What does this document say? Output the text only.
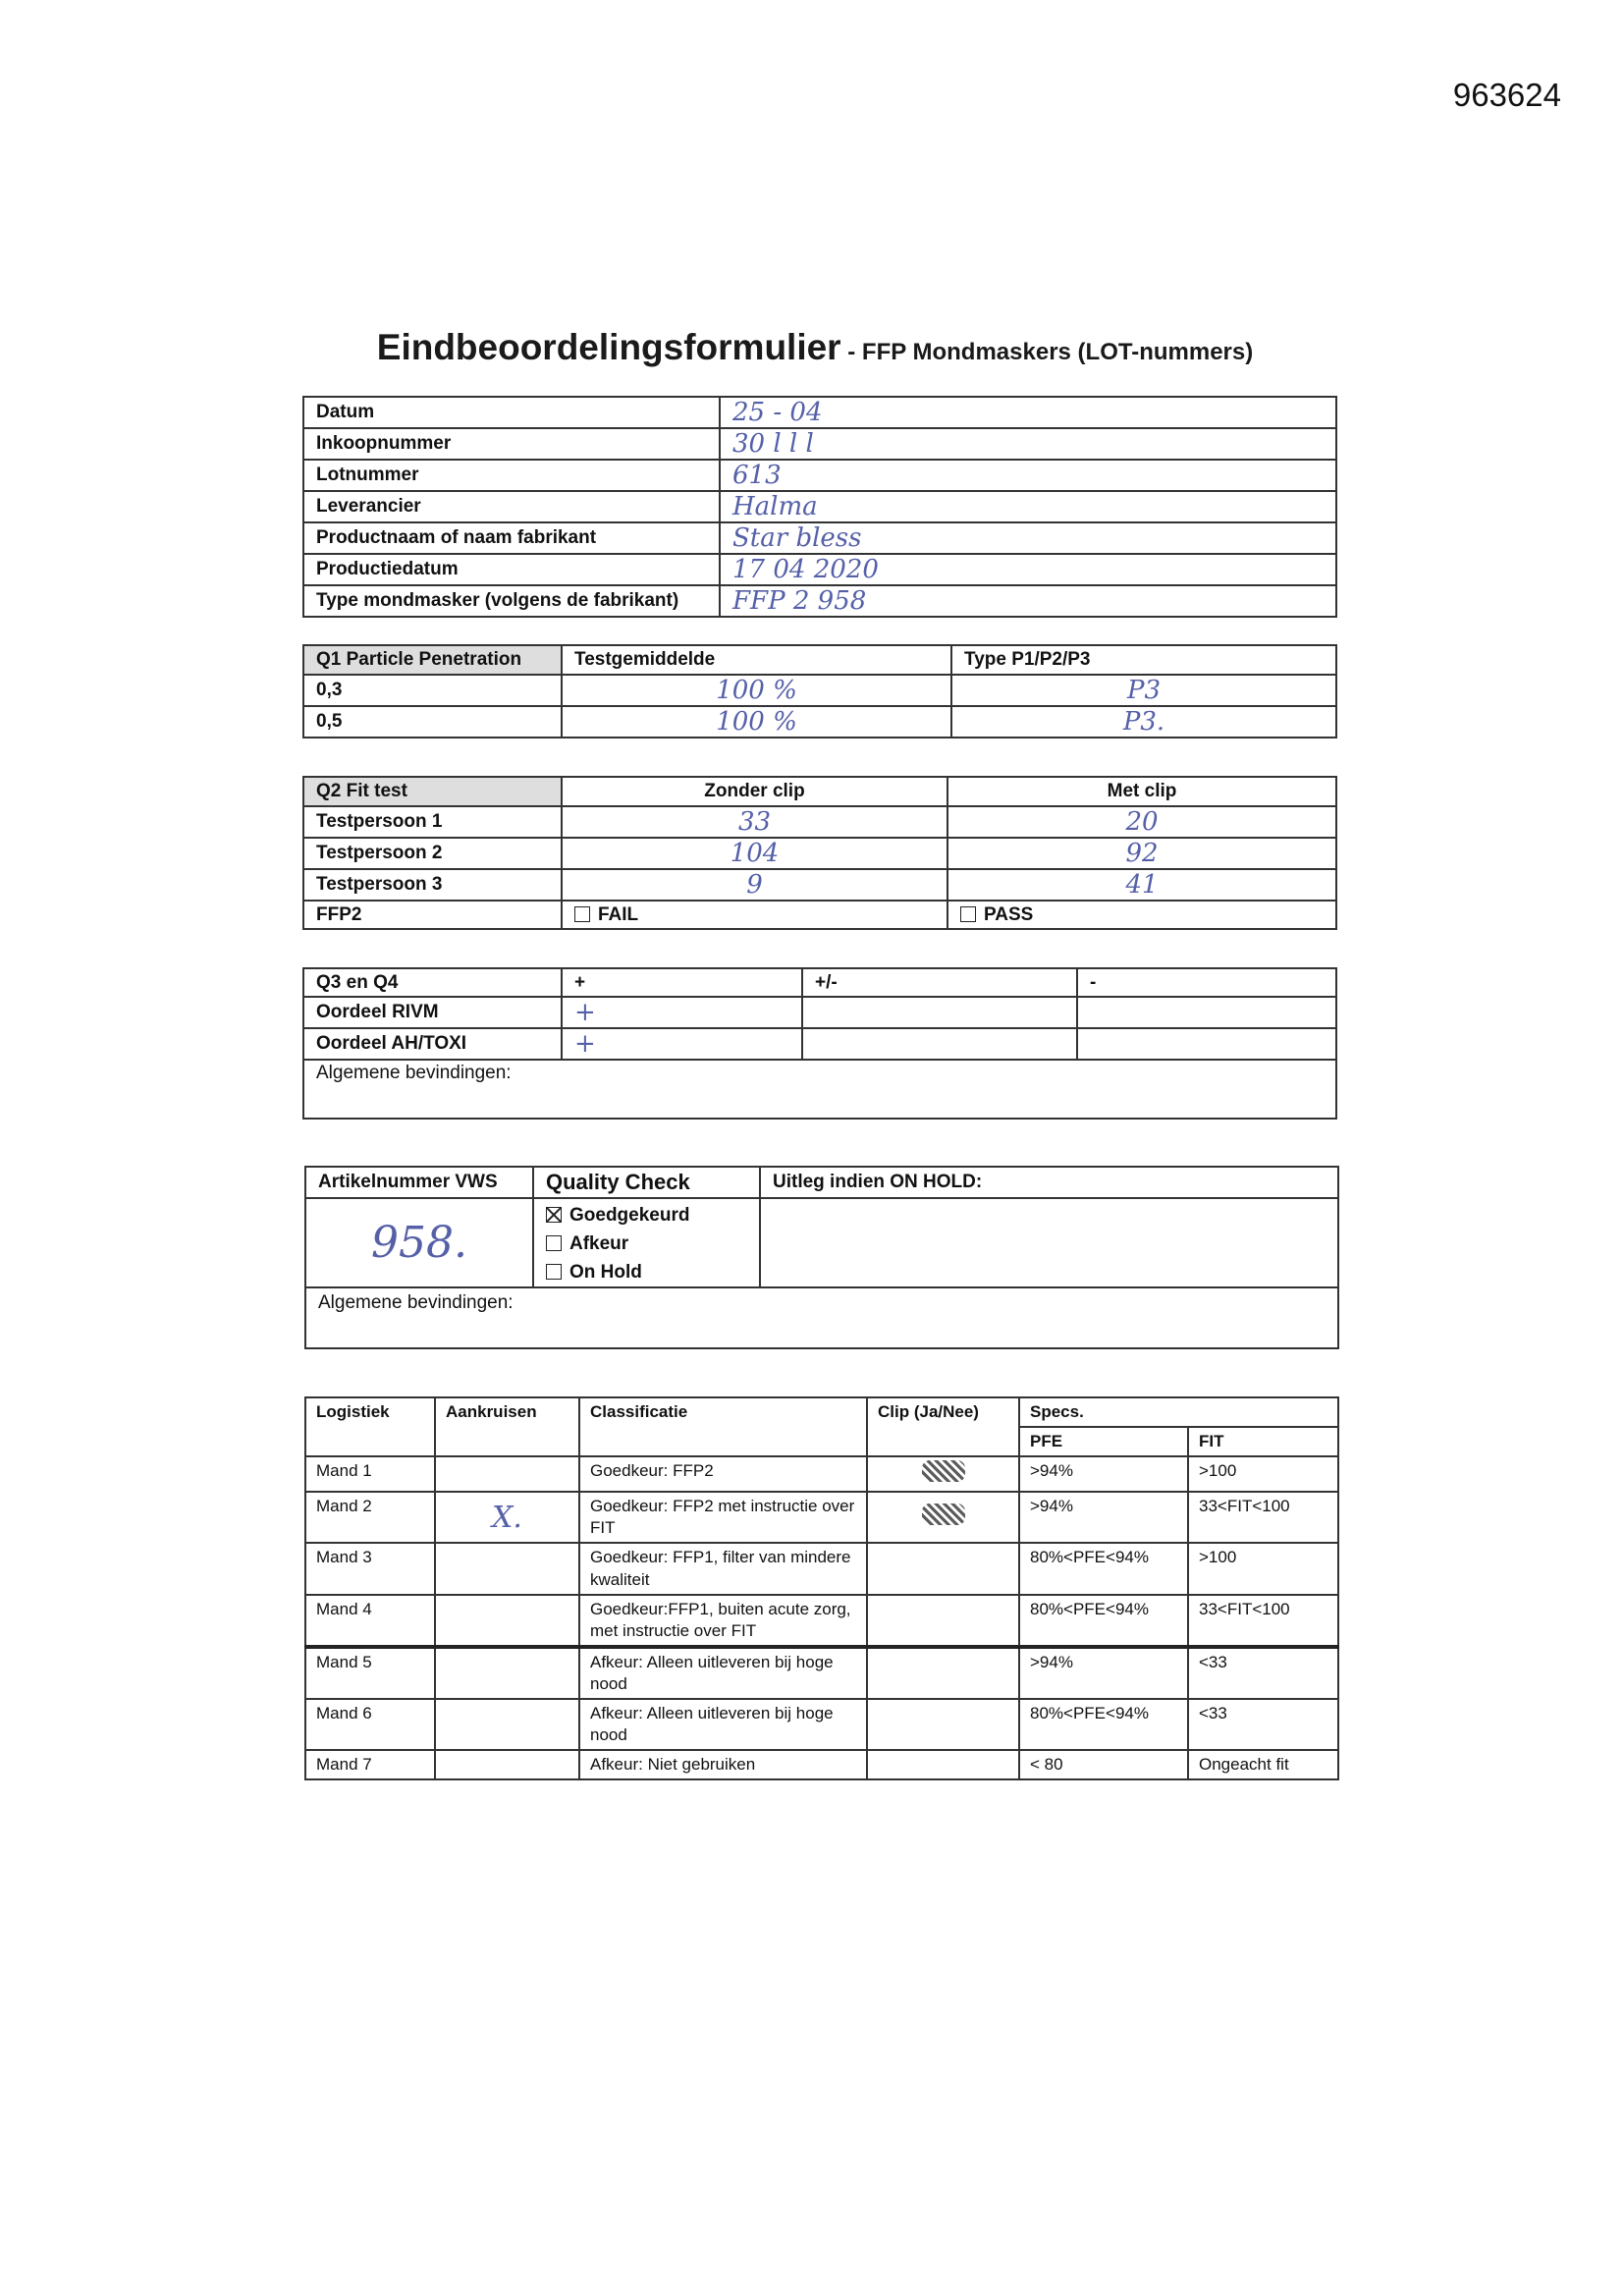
963624
Eindbeoordelingsformulier - FFP Mondmaskers (LOT-nummers)
Datum	25 - 04
Inkoopnummer	30 l l l
Lotnummer	613
Leverancier	Halma
Productnaam of naam fabrikant	Star bless
Productiedatum	17 04 2020
Type mondmasker (volgens de fabrikant)	FFP 2 958
Q1 Particle Penetration	Testgemiddelde	Type P1/P2/P3
0,3	100 %	P3
0,5	100 %	P3.
Q2 Fit test	Zonder clip	Met clip
Testpersoon 1	33	20
Testpersoon 2	104	92
Testpersoon 3	9	41
FFP2	FAIL	PASS
Q3 en Q4	+	+/-	-
Oordeel RIVM	+		
Oordeel AH/TOXI	+		
Algemene bevindingen:			
Artikelnummer VWS	Quality Check	Uitleg indien ON HOLD:
958.	Goedgekeurd
Afkeur
On Hold	

Algemene bevindingen:		
Logistiek	Aankruisen	Classificatie	Clip (Ja/Nee)	Specs.	
				PFE	FIT
Mand 1		Goedkeur: FFP2		>94%	>100
Mand 2	X.	Goedkeur: FFP2 met instructie over FIT		>94%	33<FIT<100
Mand 3		Goedkeur: FFP1, filter van mindere kwaliteit		80%<PFE<94%	>100
Mand 4		Goedkeur:FFP1, buiten acute zorg, met instructie over FIT		80%<PFE<94%	33<FIT<100
Mand 5		Afkeur: Alleen uitleveren bij hoge nood		>94%	<33
Mand 6		Afkeur: Alleen uitleveren bij hoge nood		80%<PFE<94%	<33
Mand 7		Afkeur: Niet gebruiken		< 80	Ongeacht fit
